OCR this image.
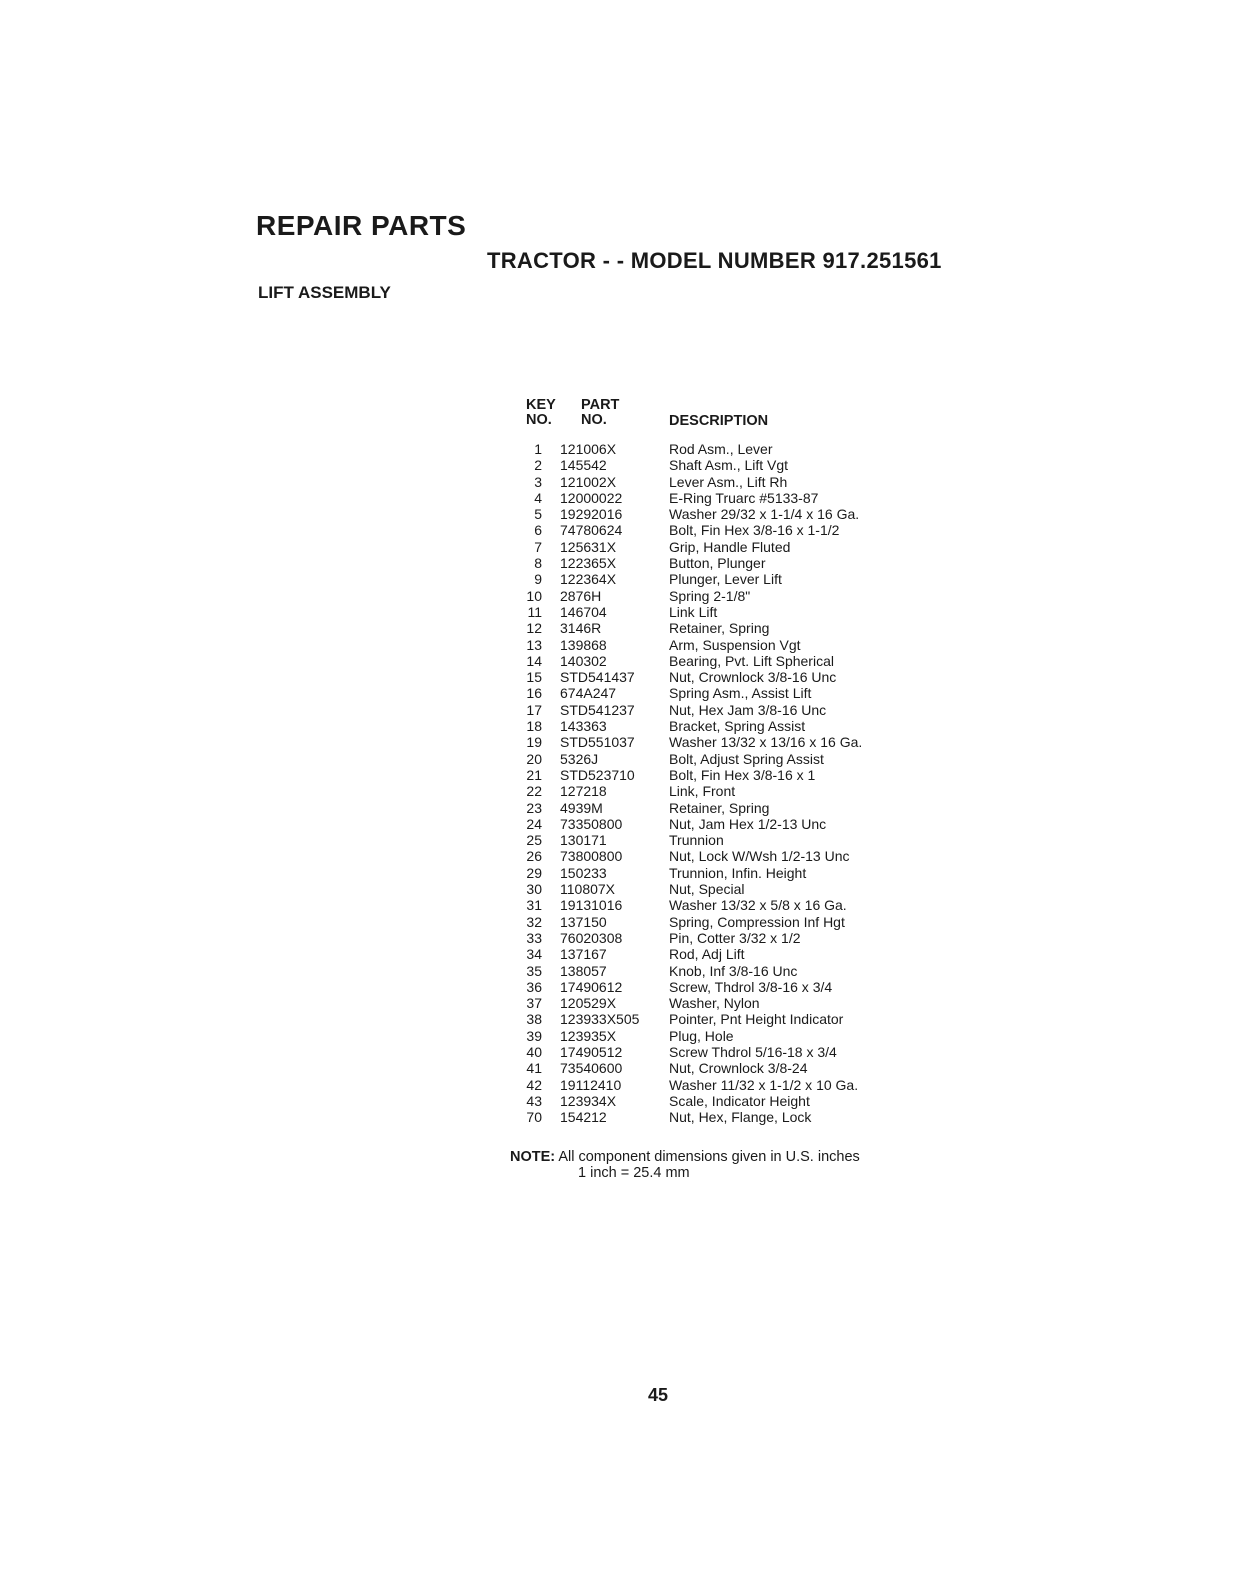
REPAIR PARTS
TRACTOR - - MODEL NUMBER 917.251561
LIFT ASSEMBLY
KEY
NO.
PART
NO.	DESCRIPTION
1 121006X	Rod Asm., Lever
2 145542	Shaft Asm., Lift Vgt
3 121002X	Lever Asm., Lift Rh
4 12000022	E-Ring Truarc #5133-87
5 19292016	Washer 29/32 x 1-1/4 x 16 Ga.
6 74780624	Bolt, Fin Hex 3/8-16 x 1-1/2
7 125631X	Grip, Handle Fluted
8 122365X	Button, Plunger
9 122364X	Plunger, Lever Lift
10 2876H	Spring 2-1/8"
11 146704	Link Lift
12 3146R	Retainer, Spring
13 139868	Arm, Suspension Vgt
14 140302	Bearing, Pvt. Lift Spherical
15 STD541437	Nut, Crownlock 3/8-16 Unc
16 674A247	Spring Asm., Assist Lift
17 STD541237	Nut, Hex Jam 3/8-16 Unc
18 143363	Bracket, Spring Assist
19 STD551037	Washer 13/32 x 13/16 x 16 Ga.
20 5326J	Bolt, Adjust Spring Assist
21 STD523710	Bolt, Fin Hex 3/8-16 x 1
22 127218	Link, Front
23 4939M	Retainer, Spring
24 73350800	Nut, Jam Hex 1/2-13 Unc
25 130171	Trunnion
26 73800800	Nut, Lock W/Wsh 1/2-13 Unc
29 150233	Trunnion, Infin. Height
30 110807X	Nut, Special
31 19131016	Washer 13/32 x 5/8 x 16 Ga.
32 137150	Spring, Compression Inf Hgt
33 76020308	Pin, Cotter 3/32 x 1/2
34 137167	Rod, Adj Lift
35 138057	Knob, Inf 3/8-16 Unc
36 17490612	Screw, Thdrol 3/8-16 x 3/4
37 120529X	Washer, Nylon
38 123933X505	Pointer, Pnt Height Indicator
39 123935X	Plug, Hole
40 17490512	Screw Thdrol 5/16-18 x 3/4
41 73540600	Nut, Crownlock 3/8-24
42 19112410	Washer 11/32 x 1-1/2 x 10 Ga.
43 123934X	Scale, Indicator Height
70 154212	Nut, Hex, Flange, Lock
NOTE: All component dimensions given in U.S. inches
1 inch = 25.4 mm
45
